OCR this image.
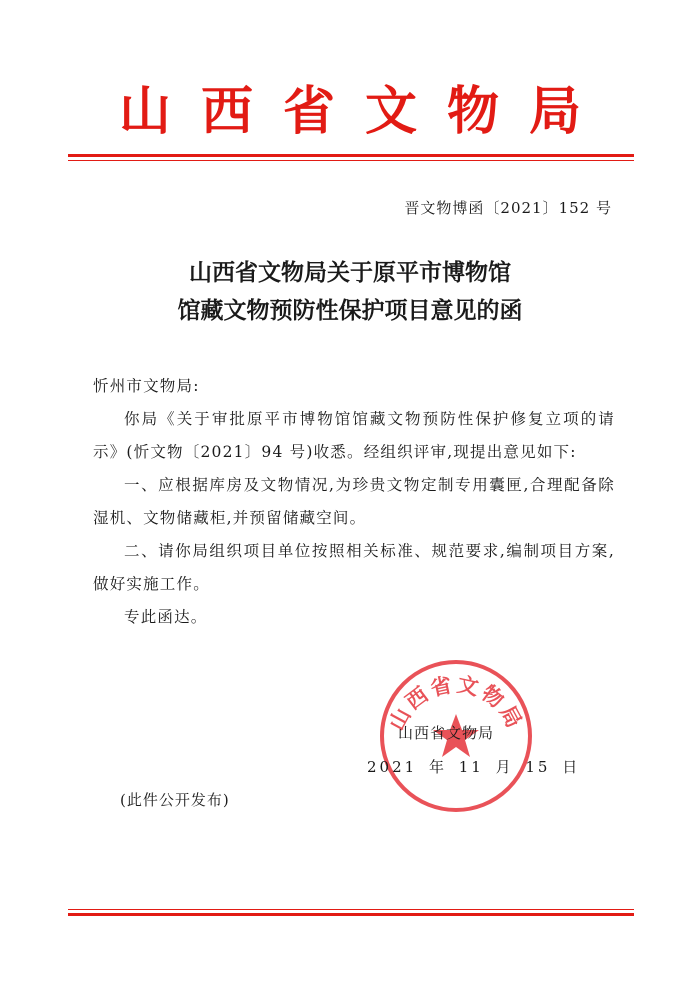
山西省文物局
晋文物博函〔2021〕152 号
山西省文物局关于原平市博物馆
馆藏文物预防性保护项目意见的函

忻州市文物局:

你局《关于审批原平市博物馆馆藏文物预防性保护修复立项的请示》(忻文物〔2021〕94 号)收悉。经组织评审,现提出意见如下:

一、应根据库房及文物情况,为珍贵文物定制专用囊匣,合理配备除湿机、文物储藏柜,并预留储藏空间。

二、请你局组织项目单位按照相关标准、规范要求,编制项目方案,做好实施工作。

专此函达。

山西省文物局
山西省文物局
2021 年 11 月 15 日
(此件公开发布)
